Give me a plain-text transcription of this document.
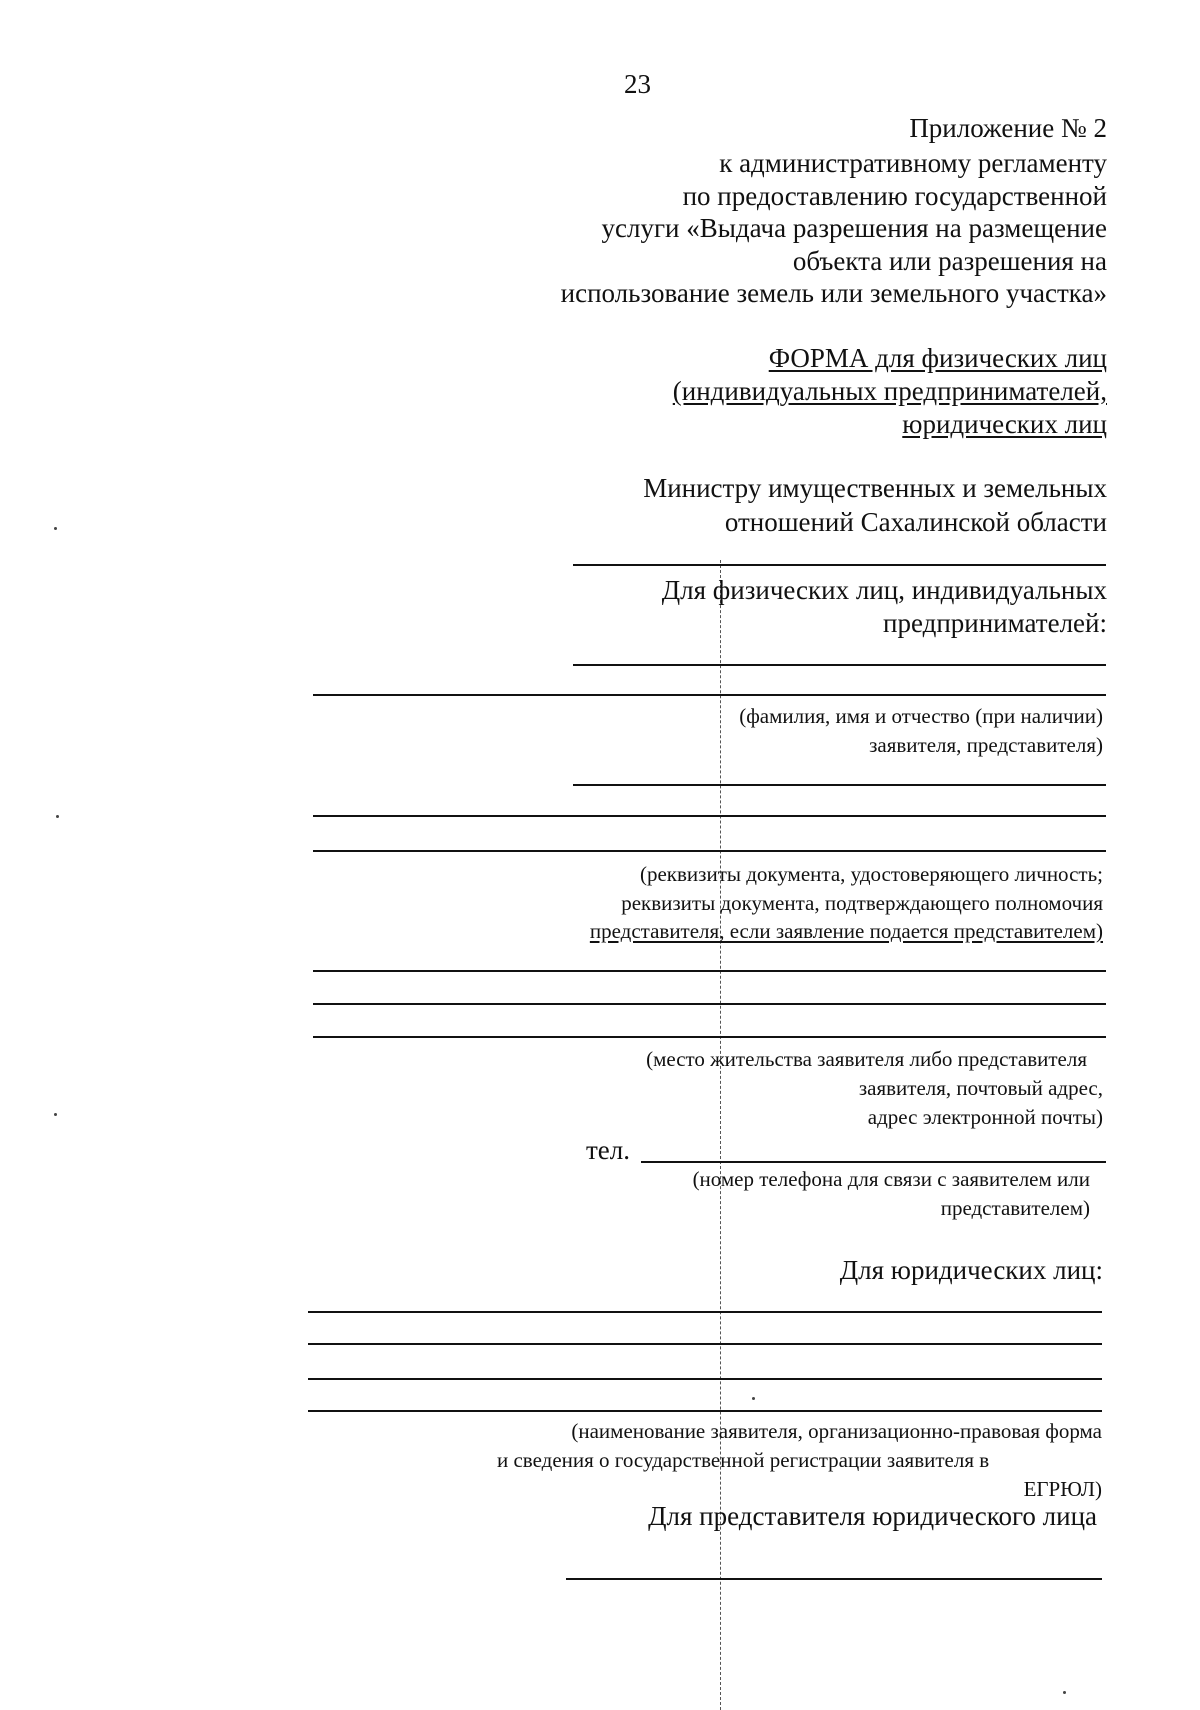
23
Приложение № 2
к административному регламенту
по предоставлению государственной
услуги «Выдача разрешения на размещение
объекта или разрешения на
использование земель или земельного участка»
ФОРМА для физических лиц
(индивидуальных предпринимателей,
юридических лиц
Министру имущественных и земельных
отношений Сахалинской области
Для физических лиц, индивидуальных
предпринимателей:
(фамилия, имя и отчество (при наличии)
заявителя, представителя)
(реквизиты документа, удостоверяющего личность;
реквизиты документа, подтверждающего полномочия
представителя, если заявление подается представителем)
(место жительства заявителя либо представителя
заявителя, почтовый адрес,
адрес электронной почты)
тел.
(номер телефона для связи с заявителем или
представителем)
Для юридических лиц:
(наименование заявителя, организационно-правовая форма
и сведения о государственной регистрации заявителя в
ЕГРЮЛ)
Для представителя юридического лица
